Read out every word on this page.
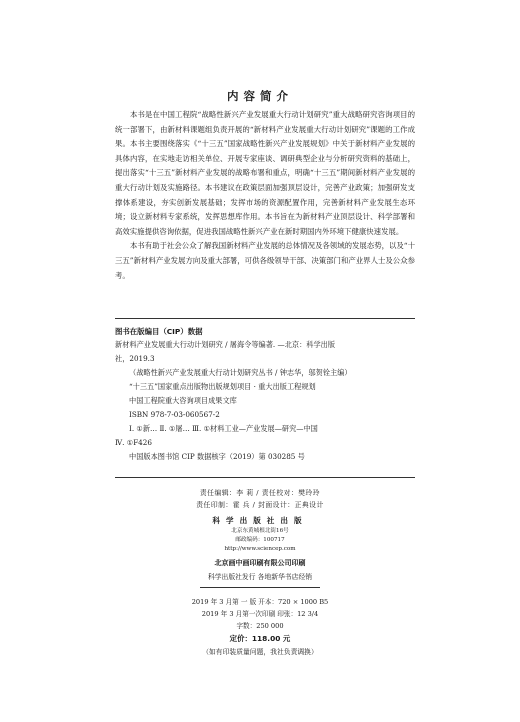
内容简介

本书是在中国工程院“战略性新兴产业发展重大行动计划研究”重大战略研究咨询项目的统一部署下，由新材料课题组负责开展的“新材料产业发展重大行动计划研究”课题的工作成果。本书主要围绕落实《“十三五”国家战略性新兴产业发展规划》中关于新材料产业发展的具体内容，在实地走访相关单位、开展专家座谈、调研典型企业与分析研究资料的基础上，提出落实“十三五”新材料产业发展的战略布署和重点，明确“十三五”期间新材料产业发展的重大行动计划及实施路径。本书建议在政策层面加强顶层设计，完善产业政策；加强研发支撑体系建设，夯实创新发展基础；发挥市场的资源配置作用，完善新材料产业发展生态环境；设立新材料专家系统，发挥思想库作用。本书旨在为新材料产业顶层设计、科学部署和高效实施提供咨询依据，促进我国战略性新兴产业在新时期国内外环境下健康快速发展。

本书有助于社会公众了解我国新材料产业发展的总体情况及各领域的发展态势，以及“十三五”新材料产业发展方向及重大部署，可供各级领导干部、决策部门和产业界人士及公众参考。

图书在版编目（CIP）数据
新材料产业发展重大行动计划研究 / 屠海令等编著. —北京：科学出版
社，2019.3
（战略性新兴产业发展重大行动计划研究丛书 / 钟志华，邬贺铨主编）
“十三五”国家重点出版物出版规划项目 · 重大出版工程规划
中国工程院重大咨询项目成果文库
ISBN 978-7-03-060567-2
Ⅰ. ①新… Ⅱ. ①屠… Ⅲ. ①材料工业—产业发展—研究—中国
Ⅳ. ①F426
中国版本图书馆 CIP 数据核字（2019）第 030285 号
责任编辑：李 莉 / 责任校对：樊玲玲
责任印制：霍 兵 / 封面设计：正典设计
科学出版社出版
北京东黄城根北街16号
邮政编码：100717
http://www.sciencep.com
北京画中画印刷有限公司印刷
科学出版社发行 各地新华书店经销
2019 年 3 月第 一 版 开本：720 × 1000 B5
2019 年 3 月第一次印刷 印张：12 3/4
字数：250 000
定价：118.00 元
（如有印装质量问题，我社负责调换）
